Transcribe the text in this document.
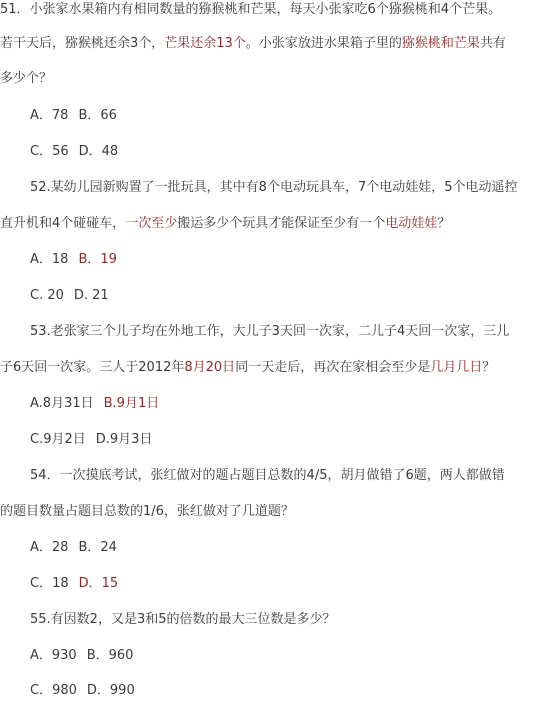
51．小张家水果箱内有相同数量的猕猴桃和芒果，每天小张家吃6个猕猴桃和4个芒果。
若干天后，猕猴桃还余3个，芒果还余13个。小张家放进水果箱子里的猕猴桃和芒果共有
多少个？
A．78 B．66
C．56 D．48
52.某幼儿园新购置了一批玩具，其中有8个电动玩具车，7个电动娃娃，5个电动遥控
直升机和4个碰碰车，一次至少搬运多少个玩具才能保证至少有一个电动娃娃？
A．18 B．19
C. 20 D. 21
53.老张家三个儿子均在外地工作，大儿子3天回一次家，二儿子4天回一次家，三儿
子6天回一次家。三人于2012年8月20日同一天走后，再次在家相会至少是几月几日？
A.8月31日 B.9月1日
C.9月2日 D.9月3日
54．一次摸底考试，张红做对的题占题目总数的4/5，胡月做错了6题，两人都做错
的题目数量占题目总数的1/6，张红做对了几道题？
A．28 B．24
C．18 D．15
55.有因数2，又是3和5的倍数的最大三位数是多少？
A．930 B．960
C．980 D．990
